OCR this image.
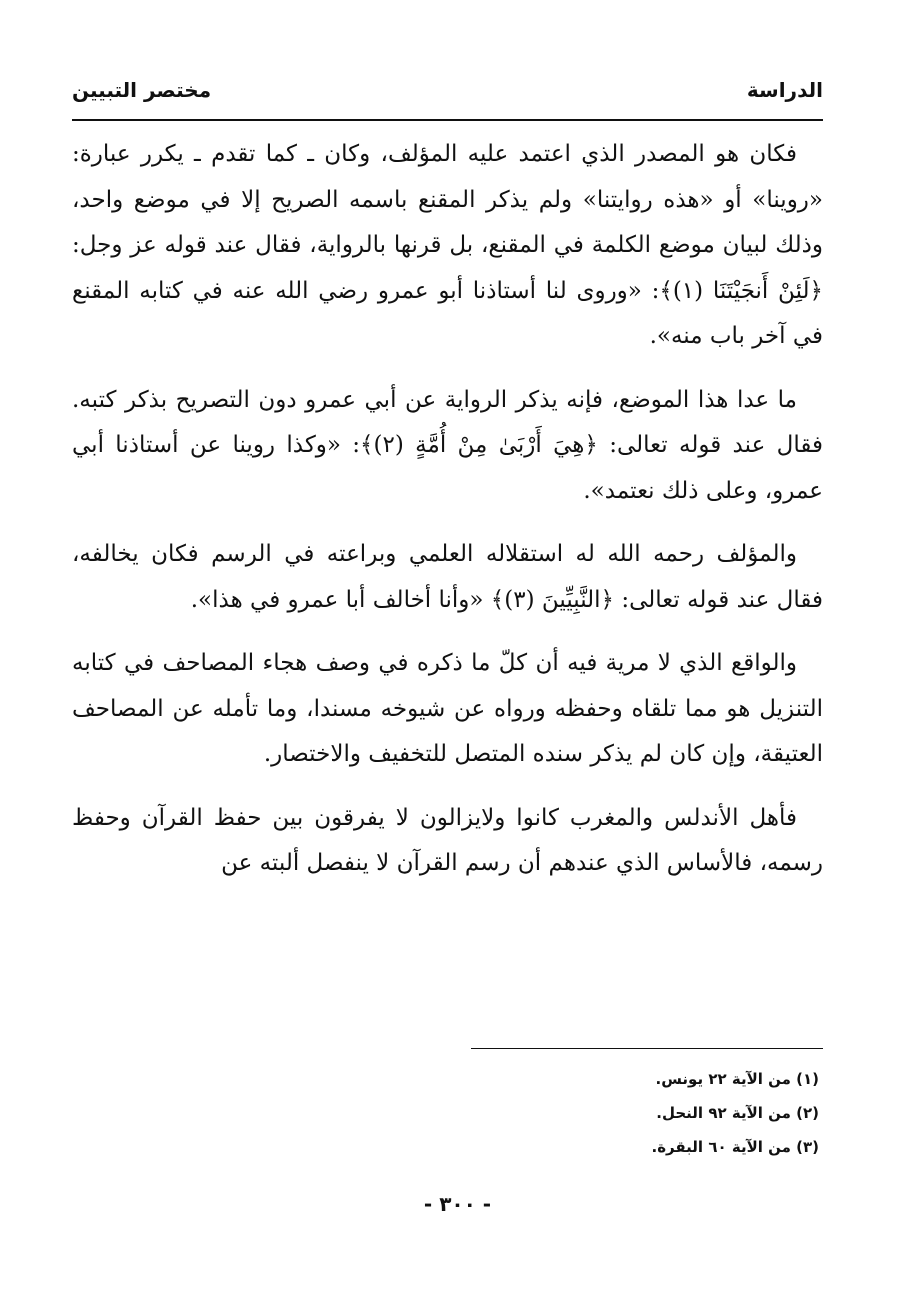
الدراسة
مختصر التبيين

فكان هو المصدر الذي اعتمد عليه المؤلف، وكان ـ كما تقدم ـ يكرر عبارة: «روينا» أو «هذه روايتنا» ولم يذكر المقنع باسمه الصريح إلا في موضع واحد، وذلك لبيان موضع الكلمة في المقنع، بل قرنها بالرواية، فقال عند قوله عز وجل: ﴿لَئِنْ أَنجَيْتَنَا (١)﴾: «وروى لنا أستاذنا أبو عمرو رضي الله عنه في كتابه المقنع في آخر باب منه».

ما عدا هذا الموضع، فإنه يذكر الرواية عن أبي عمرو دون التصريح بذكر كتبه. فقال عند قوله تعالى: ﴿هِيَ أَرْبَىٰ مِنْ أُمَّةٍ (٢)﴾: «وكذا روينا عن أستاذنا أبي عمرو، وعلى ذلك نعتمد».

والمؤلف رحمه الله له استقلاله العلمي وبراعته في الرسم فكان يخالفه، فقال عند قوله تعالى: ﴿النَّبِيِّينَ (٣)﴾ «وأنا أخالف أبا عمرو في هذا».

والواقع الذي لا مرية فيه أن كلّ ما ذكره في وصف هجاء المصاحف في كتابه التنزيل هو مما تلقاه وحفظه ورواه عن شيوخه مسندا، وما تأمله عن المصاحف العتيقة، وإن كان لم يذكر سنده المتصل للتخفيف والاختصار.

فأهل الأندلس والمغرب كانوا ولايزالون لا يفرقون بين حفظ القرآن وحفظ رسمه، فالأساس الذي عندهم أن رسم القرآن لا ينفصل ألبته عن

(١) من الآية ٢٢ يونس.
(٢) من الآية ٩٢ النحل.
(٣) من الآية ٦٠ البقرة.
- ٣٠٠ -
